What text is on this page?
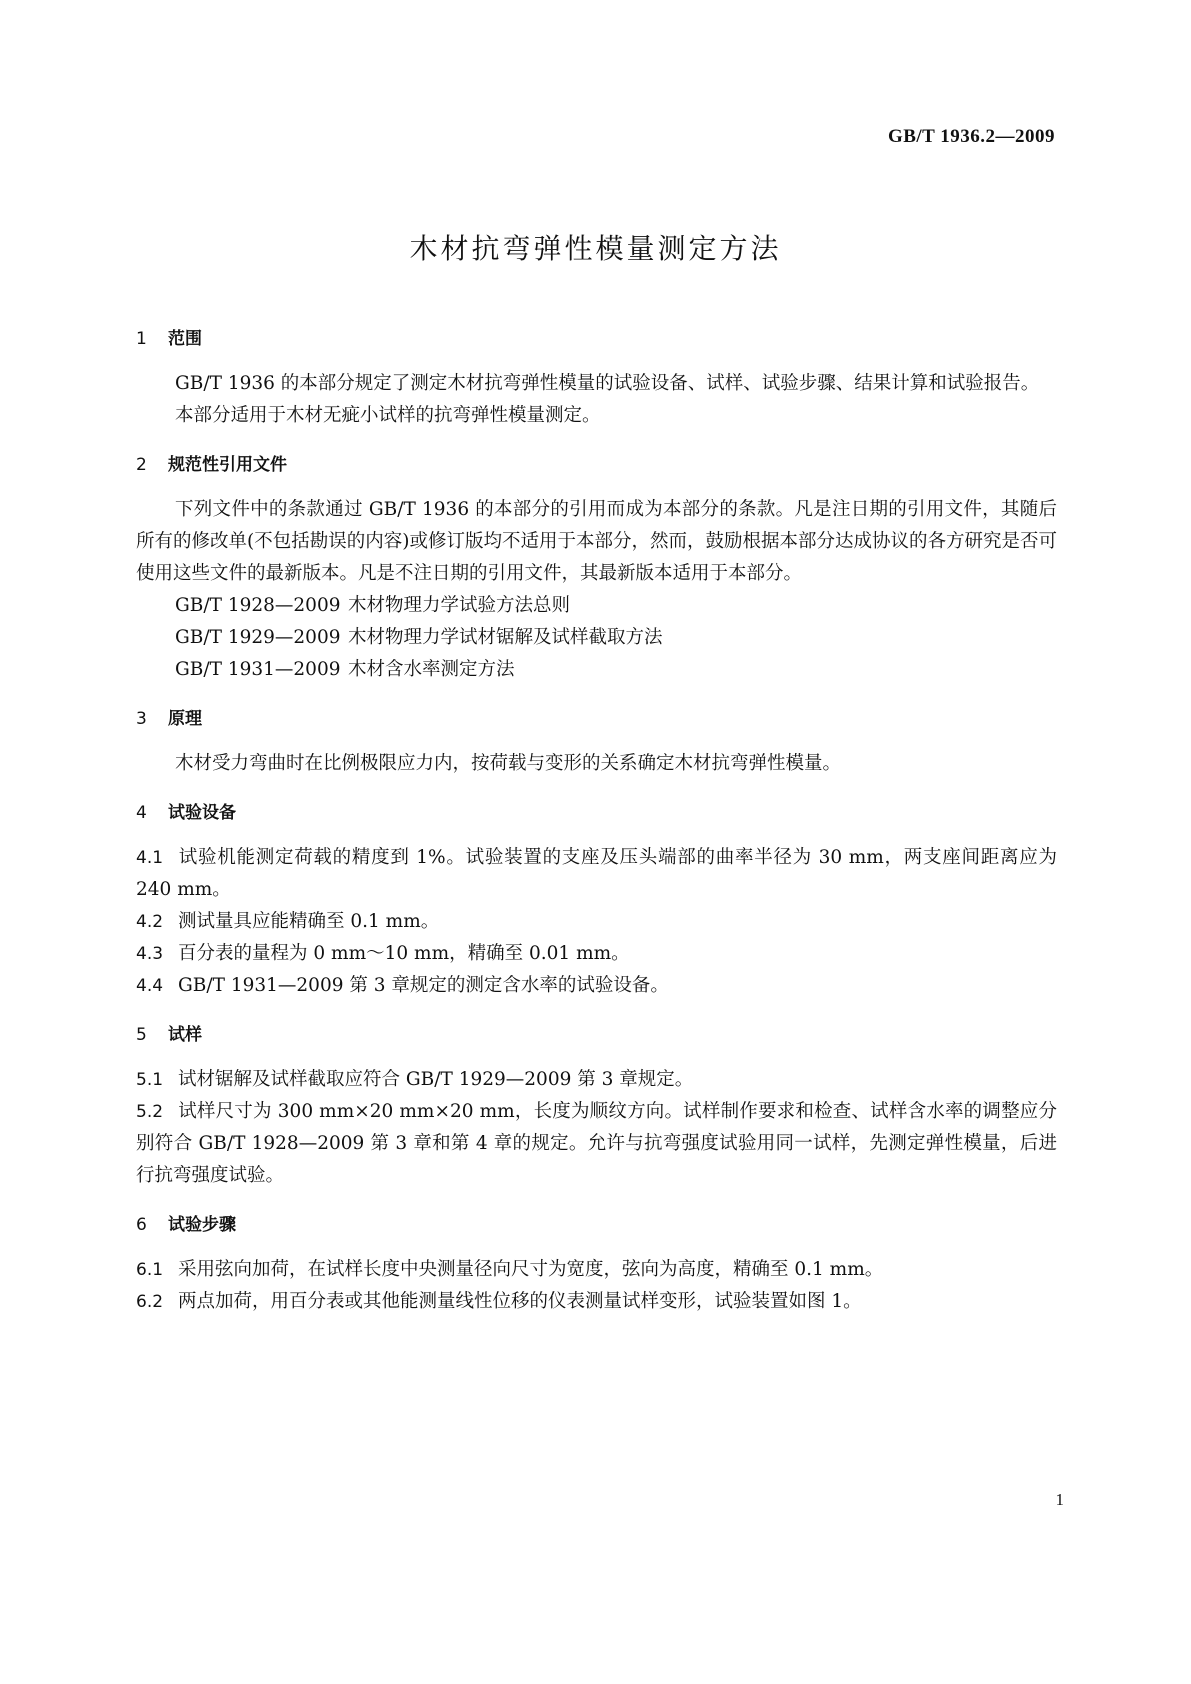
GB/T 1936.2—2009
木材抗弯弹性模量测定方法
1 范围

GB/T 1936 的本部分规定了测定木材抗弯弹性模量的试验设备、试样、试验步骤、结果计算和试验报告。

本部分适用于木材无疵小试样的抗弯弹性模量测定。

2 规范性引用文件

下列文件中的条款通过 GB/T 1936 的本部分的引用而成为本部分的条款。凡是注日期的引用文件，其随后所有的修改单(不包括勘误的内容)或修订版均不适用于本部分，然而，鼓励根据本部分达成协议的各方研究是否可使用这些文件的最新版本。凡是不注日期的引用文件，其最新版本适用于本部分。

GB/T 1928—2009 木材物理力学试验方法总则
GB/T 1929—2009 木材物理力学试材锯解及试样截取方法
GB/T 1931—2009 木材含水率测定方法
3 原理

木材受力弯曲时在比例极限应力内，按荷载与变形的关系确定木材抗弯弹性模量。

4 试验设备

4.1 试验机能测定荷载的精度到 1%。试验装置的支座及压头端部的曲率半径为 30 mm，两支座间距离应为 240 mm。

4.2 测试量具应能精确至 0.1 mm。

4.3 百分表的量程为 0 mm～10 mm，精确至 0.01 mm。

4.4 GB/T 1931—2009 第 3 章规定的测定含水率的试验设备。

5 试样

5.1 试材锯解及试样截取应符合 GB/T 1929—2009 第 3 章规定。

5.2 试样尺寸为 300 mm×20 mm×20 mm，长度为顺纹方向。试样制作要求和检查、试样含水率的调整应分别符合 GB/T 1928—2009 第 3 章和第 4 章的规定。允许与抗弯强度试验用同一试样，先测定弹性模量，后进行抗弯强度试验。

6 试验步骤

6.1 采用弦向加荷，在试样长度中央测量径向尺寸为宽度，弦向为高度，精确至 0.1 mm。

6.2 两点加荷，用百分表或其他能测量线性位移的仪表测量试样变形，试验装置如图 1。

1
